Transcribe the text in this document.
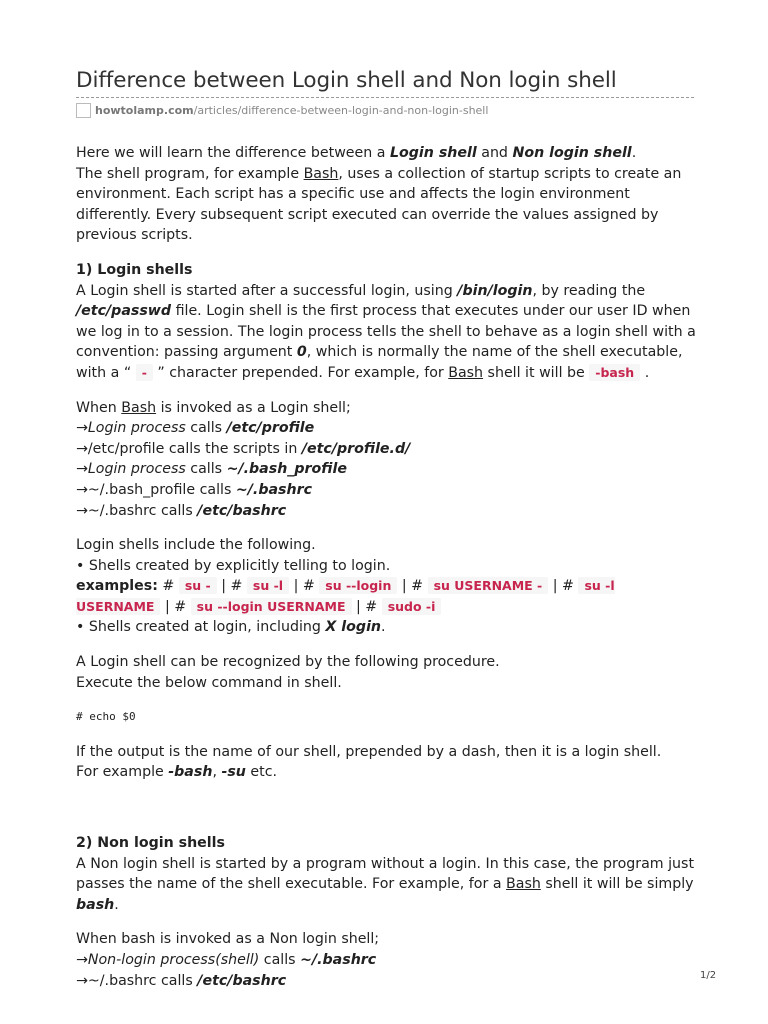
Difference between Login shell and Non login shell
howtolamp.com/articles/difference-between-login-and-non-login-shell

Here we will learn the difference between a Login shell and Non login shell.

The shell program, for example Bash, uses a collection of startup scripts to create an environment. Each script has a specific use and affects the login environment differently. Every subsequent script executed can override the values assigned by previous scripts.

1) Login shells

A Login shell is started after a successful login, using /bin/login, by reading the /etc/passwd file. Login shell is the first process that executes under our user ID when we log in to a session. The login process tells the shell to behave as a login shell with a convention: passing argument 0, which is normally the name of the shell executable, with a “ - ” character prepended. For example, for Bash shell it will be -bash .

When Bash is invoked as a Login shell;

→Login process calls /etc/profile

→/etc/profile calls the scripts in /etc/profile.d/

→Login process calls ~/.bash_profile

→~/.bash_profile calls ~/.bashrc

→~/.bashrc calls /etc/bashrc

Login shells include the following.

• Shells created by explicitly telling to login.

examples: # su - | # su -l | # su --login | # su USERNAME - | # su -l USERNAME | # su --login USERNAME | # sudo -i

• Shells created at login, including X login.

A Login shell can be recognized by the following procedure.

Execute the below command in shell.

# echo $0

If the output is the name of our shell, prepended by a dash, then it is a login shell.

For example -bash, -su etc.

2) Non login shells

A Non login shell is started by a program without a login. In this case, the program just passes the name of the shell executable. For example, for a Bash shell it will be simply bash.

When bash is invoked as a Non login shell;

→Non-login process(shell) calls ~/.bashrc

→~/.bashrc calls /etc/bashrc	1/2
